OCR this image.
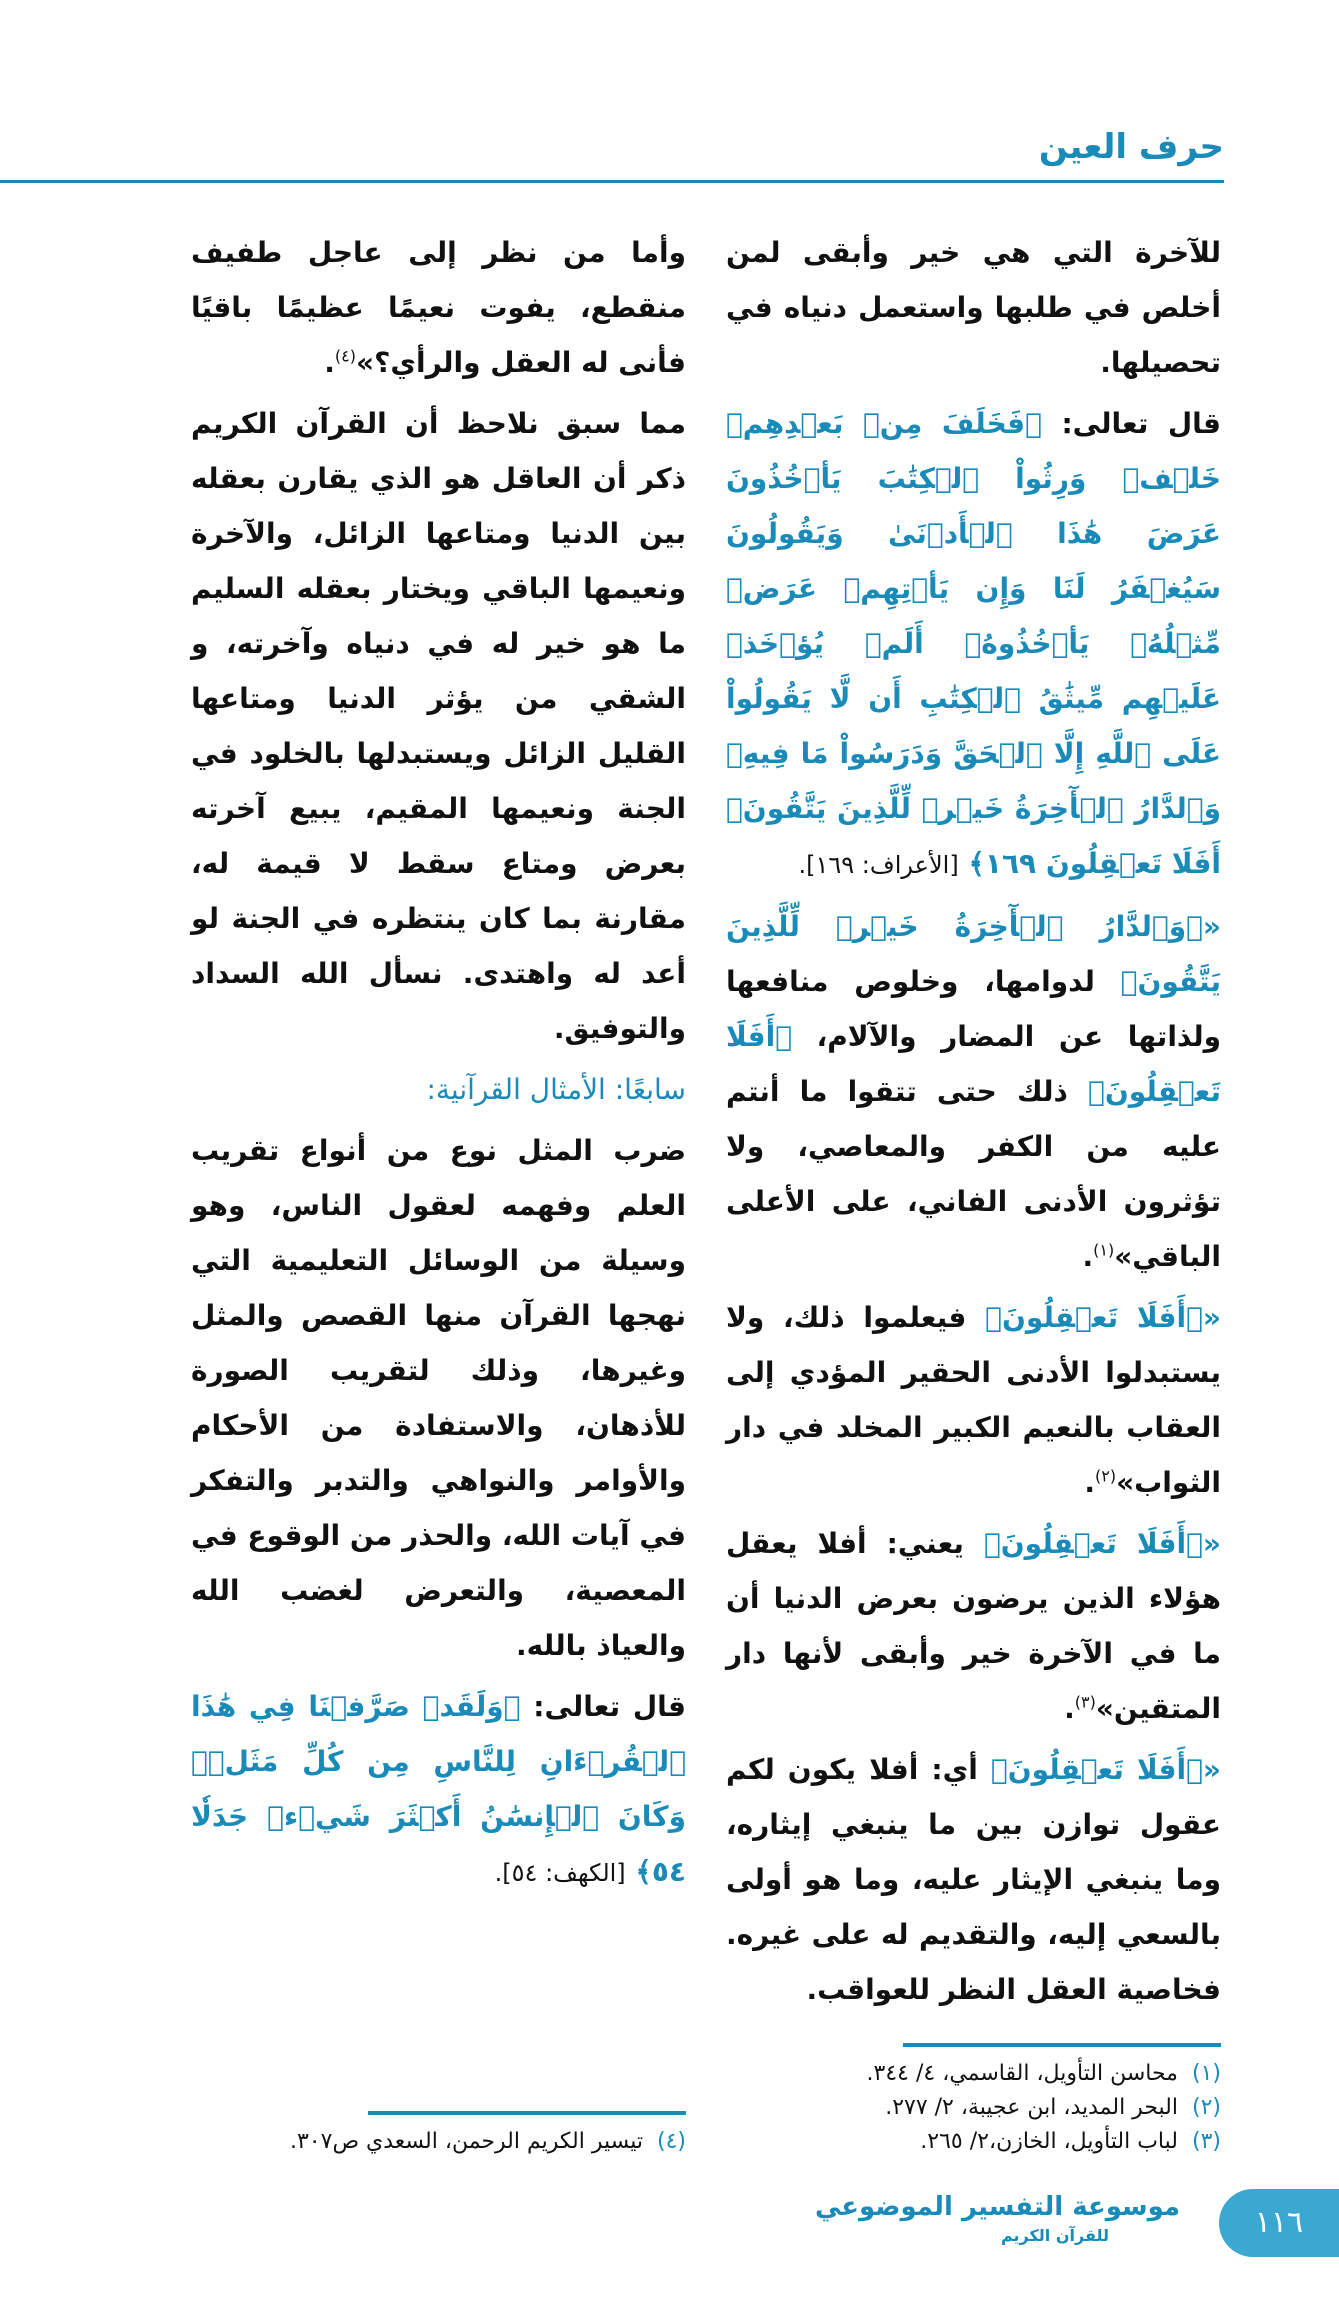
حرف العين

للآخرة التي هي خير وأبقى لمن أخلص في طلبها واستعمل دنياه في تحصيلها.

قال تعالى: ﴿فَخَلَفَ مِنۢ بَعۡدِهِمۡ خَلۡفٞ وَرِثُواْ ٱلۡكِتَٰبَ يَأۡخُذُونَ عَرَضَ هَٰذَا ٱلۡأَدۡنَىٰ وَيَقُولُونَ سَيُغۡفَرُ لَنَا وَإِن يَأۡتِهِمۡ عَرَضٞ مِّثۡلُهُۥ يَأۡخُذُوهُۚ أَلَمۡ يُؤۡخَذۡ عَلَيۡهِم مِّيثَٰقُ ٱلۡكِتَٰبِ أَن لَّا يَقُولُواْ عَلَى ٱللَّهِ إِلَّا ٱلۡحَقَّ وَدَرَسُواْ مَا فِيهِۗ وَٱلدَّارُ ٱلۡأٓخِرَةُ خَيۡرٞ لِّلَّذِينَ يَتَّقُونَۚ أَفَلَا تَعۡقِلُونَ ١٦٩﴾ [الأعراف: ١٦٩].

«﴿وَٱلدَّارُ ٱلۡأٓخِرَةُ خَيۡرٞ لِّلَّذِينَ يَتَّقُونَ﴾ لدوامها، وخلوص منافعها ولذاتها عن المضار والآلام، ﴿أَفَلَا تَعۡقِلُونَ﴾ ذلك حتى تتقوا ما أنتم عليه من الكفر والمعاصي، ولا تؤثرون الأدنى الفاني، على الأعلى الباقي»$^{(١)}$.

«﴿أَفَلَا تَعۡقِلُونَ﴾ فيعلموا ذلك، ولا يستبدلوا الأدنى الحقير المؤدي إلى العقاب بالنعيم الكبير المخلد في دار الثواب»$^{(٢)}$.

«﴿أَفَلَا تَعۡقِلُونَ﴾ يعني: أفلا يعقل هؤلاء الذين يرضون بعرض الدنيا أن ما في الآخرة خير وأبقى لأنها دار المتقين»$^{(٣)}$.

«﴿أَفَلَا تَعۡقِلُونَ﴾ أي: أفلا يكون لكم عقول توازن بين ما ينبغي إيثاره، وما ينبغي الإيثار عليه، وما هو أولى بالسعي إليه، والتقديم له على غيره. فخاصية العقل النظر للعواقب.

(١)محاسن التأويل، القاسمي، ٤/ ٣٤٤.
(٢)البحر المديد، ابن عجيبة، ٢/ ٢٧٧.
(٣)لباب التأويل، الخازن،٢/ ٢٦٥.

وأما من نظر إلى عاجل طفيف منقطع، يفوت نعيمًا عظيمًا باقيًا فأنى له العقل والرأي؟»$^{(٤)}$.

مما سبق نلاحظ أن القرآن الكريم ذكر أن العاقل هو الذي يقارن بعقله بين الدنيا ومتاعها الزائل، والآخرة ونعيمها الباقي ويختار بعقله السليم ما هو خير له في دنياه وآخرته، و الشقي من يؤثر الدنيا ومتاعها القليل الزائل ويستبدلها بالخلود في الجنة ونعيمها المقيم، يبيع آخرته بعرض ومتاع سقط لا قيمة له، مقارنة بما كان ينتظره في الجنة لو أعد له واهتدى. نسأل الله السداد والتوفيق.

سابعًا: الأمثال القرآنية:

ضرب المثل نوع من أنواع تقريب العلم وفهمه لعقول الناس، وهو وسيلة من الوسائل التعليمية التي نهجها القرآن منها القصص والمثل وغيرها، وذلك لتقريب الصورة للأذهان، والاستفادة من الأحكام والأوامر والنواهي والتدبر والتفكر في آيات الله، والحذر من الوقوع في المعصية، والتعرض لغضب الله والعياذ بالله.

قال تعالى: ﴿وَلَقَدۡ صَرَّفۡنَا فِي هَٰذَا ٱلۡقُرۡءَانِ لِلنَّاسِ مِن كُلِّ مَثَلٖۚ وَكَانَ ٱلۡإِنسَٰنُ أَكۡثَرَ شَيۡءٖ جَدَلٗا ٥٤﴾ [الكهف: ٥٤].

(٤)تيسير الكريم الرحمن، السعدي ص٣٠٧.
موسوعة التفسير الموضوعي
للقرآن الكريم	١١٦
